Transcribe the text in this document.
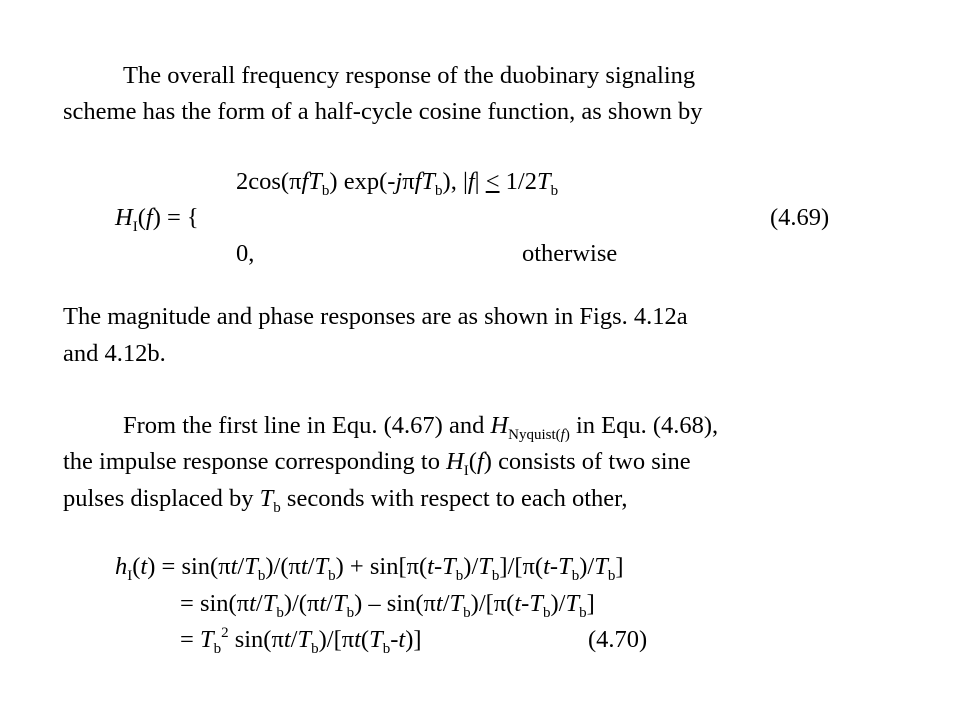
The overall frequency response of the duobinary signaling
scheme has the form of a half-cycle cosine function, as shown by
2cos(πfT$_b$) exp(-jπfT$_b$), $|f| < 1/2T_b$
$H_I(f)$ = {	(4.69)
0,	otherwise
The magnitude and phase responses are as shown in Figs. 4.12a
and 4.12b.
From the first line in Equ. (4.67) and $H_{Nyquist(f)}$ in Equ. (4.68),
the impulse response corresponding to $H_I(f)$ consists of two sine
pulses displaced by $T_b$ seconds with respect to each other,
$h_I(t) = \sin(\pi t/T_b)/(\pi t/T_b) + \sin[\pi(t-T_b)/T_b]/[\pi(t-T_b)/T_b]$
= $\sin(\pi t/T_b)/(\pi t/T_b) - \sin(\pi t/T_b)/[\pi(t-T_b)/T_b]$
= $T_b^2$ $\sin(\pi t/T_b)/[\pi t(T_b-t)]$	(4.70)
